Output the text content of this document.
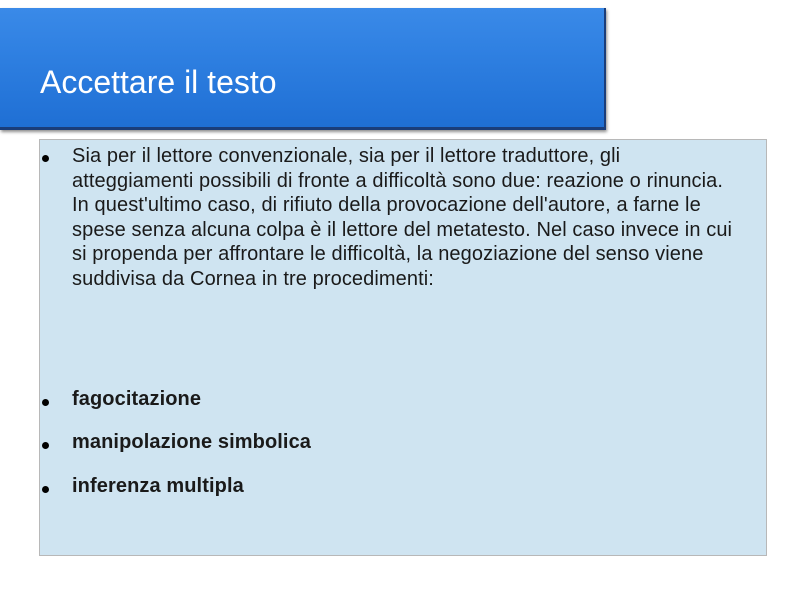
Accettare il testo
Sia per il lettore convenzionale, sia per il lettore traduttore, gli atteggiamenti possibili di fronte a difficoltà sono due: reazione o rinuncia. In quest'ultimo caso, di rifiuto della provocazione dell'autore, a farne le spese senza alcuna colpa è il lettore del metatesto. Nel caso invece in cui si propenda per affrontare le difficoltà, la negoziazione del senso viene suddivisa da Cornea in tre procedimenti:
fagocitazione
manipolazione simbolica
inferenza multipla
